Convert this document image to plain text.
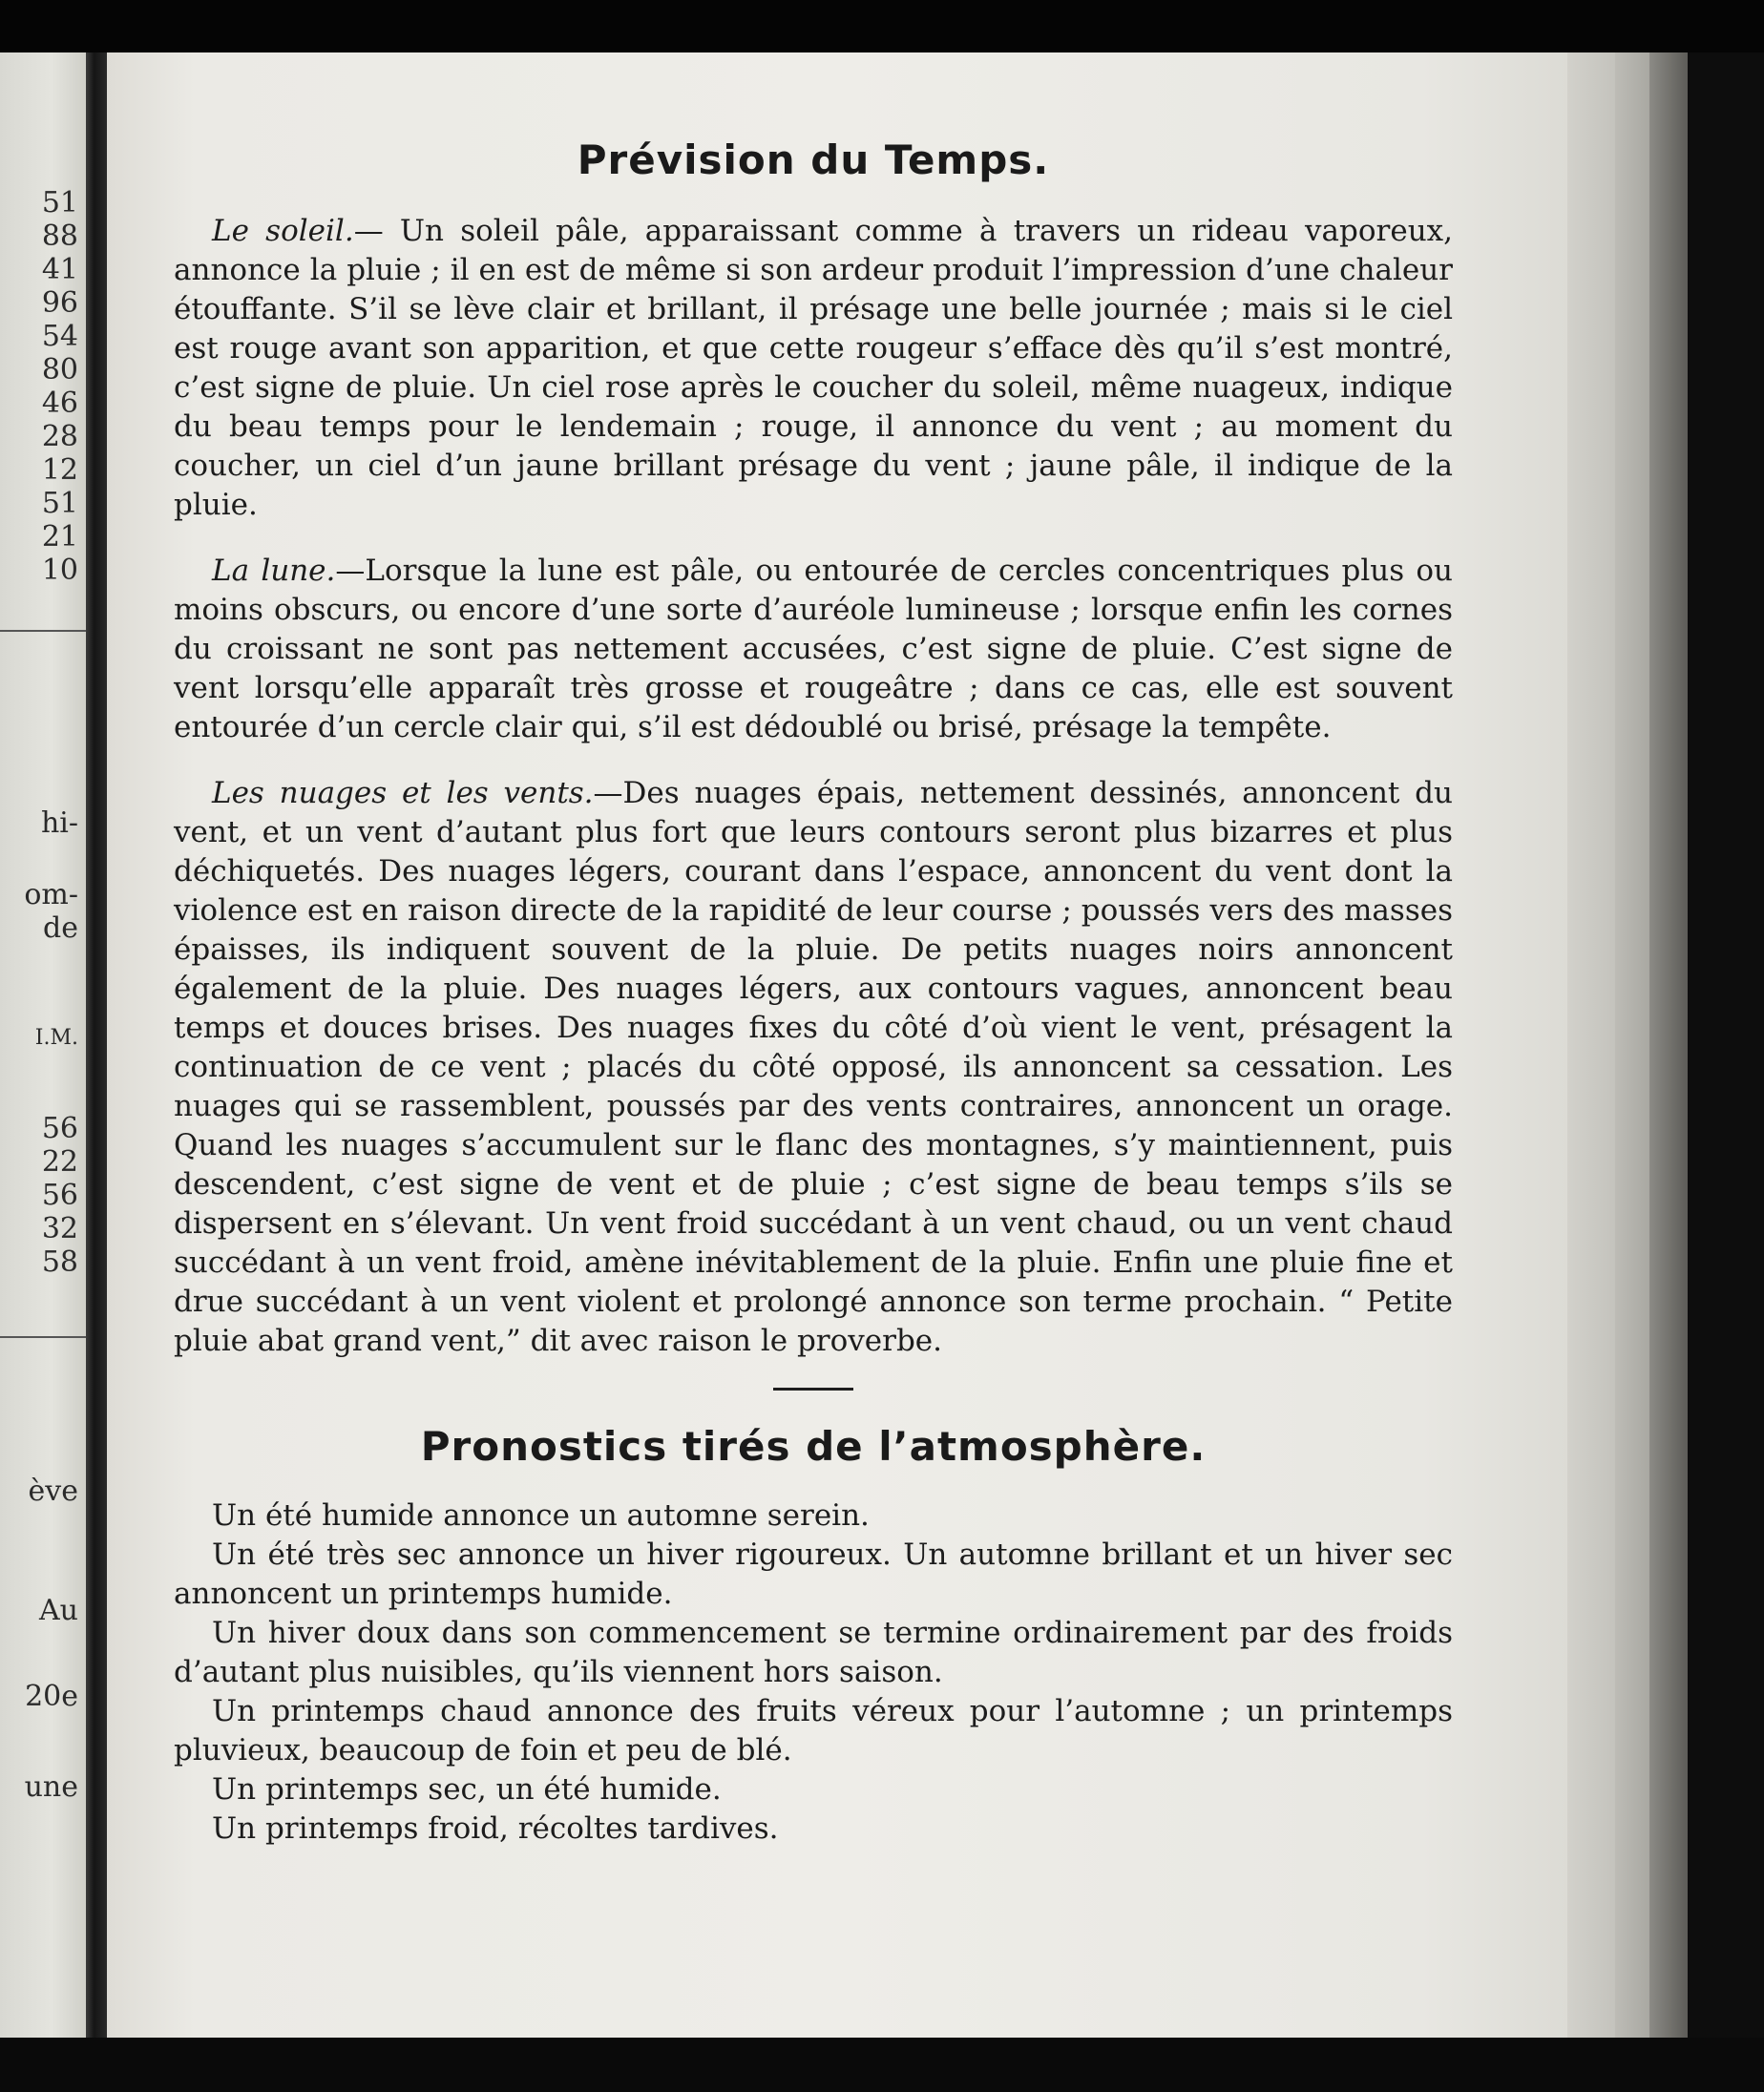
51

88

41

96

54

80

46

28

12

51

21

10

hi-

om-

de

I.M.

56

22

56

32

58

ève

Au

20e

une

Prévision du Temps.

Le soleil.— Un soleil pâle, apparaissant comme à travers un rideau vaporeux, annonce la pluie ; il en est de même si son ardeur produit l’impression d’une chaleur étouffante. S’il se lève clair et brillant, il présage une belle journée ; mais si le ciel est rouge avant son apparition, et que cette rougeur s’efface dès qu’il s’est montré, c’est signe de pluie. Un ciel rose après le coucher du soleil, même nuageux, indique du beau temps pour le lendemain ; rouge, il annonce du vent ; au moment du coucher, un ciel d’un jaune brillant présage du vent ; jaune pâle, il indique de la pluie.

La lune.—Lorsque la lune est pâle, ou entourée de cercles concentriques plus ou moins obscurs, ou encore d’une sorte d’auréole lumineuse ; lorsque enfin les cornes du croissant ne sont pas nettement accusées, c’est signe de pluie. C’est signe de vent lorsqu’elle apparaît très grosse et rougeâtre ; dans ce cas, elle est souvent entourée d’un cercle clair qui, s’il est dédoublé ou brisé, présage la tempête.

Les nuages et les vents.—Des nuages épais, nettement dessinés, annoncent du vent, et un vent d’autant plus fort que leurs contours seront plus bizarres et plus déchiquetés. Des nuages légers, courant dans l’espace, annoncent du vent dont la violence est en raison directe de la rapidité de leur course ; poussés vers des masses épaisses, ils indiquent souvent de la pluie. De petits nuages noirs annoncent également de la pluie. Des nuages légers, aux contours vagues, annoncent beau temps et douces brises. Des nuages fixes du côté d’où vient le vent, présagent la continuation de ce vent ; placés du côté opposé, ils annoncent sa cessation. Les nuages qui se rassemblent, poussés par des vents contraires, annoncent un orage. Quand les nuages s’accumulent sur le flanc des montagnes, s’y maintiennent, puis descendent, c’est signe de vent et de pluie ; c’est signe de beau temps s’ils se dispersent en s’élevant. Un vent froid succédant à un vent chaud, ou un vent chaud succédant à un vent froid, amène inévitablement de la pluie. Enfin une pluie fine et drue succédant à un vent violent et prolongé annonce son terme prochain. “ Petite pluie abat grand vent,” dit avec raison le proverbe.

Pronostics tirés de l’atmosphère.

Un été humide annonce un automne serein.

Un été très sec annonce un hiver rigoureux. Un automne brillant et un hiver sec annoncent un printemps humide.

Un hiver doux dans son commencement se termine ordinairement par des froids d’autant plus nuisibles, qu’ils viennent hors saison.

Un printemps chaud annonce des fruits véreux pour l’automne ; un printemps pluvieux, beaucoup de foin et peu de blé.

Un printemps sec, un été humide.

Un printemps froid, récoltes tardives.
